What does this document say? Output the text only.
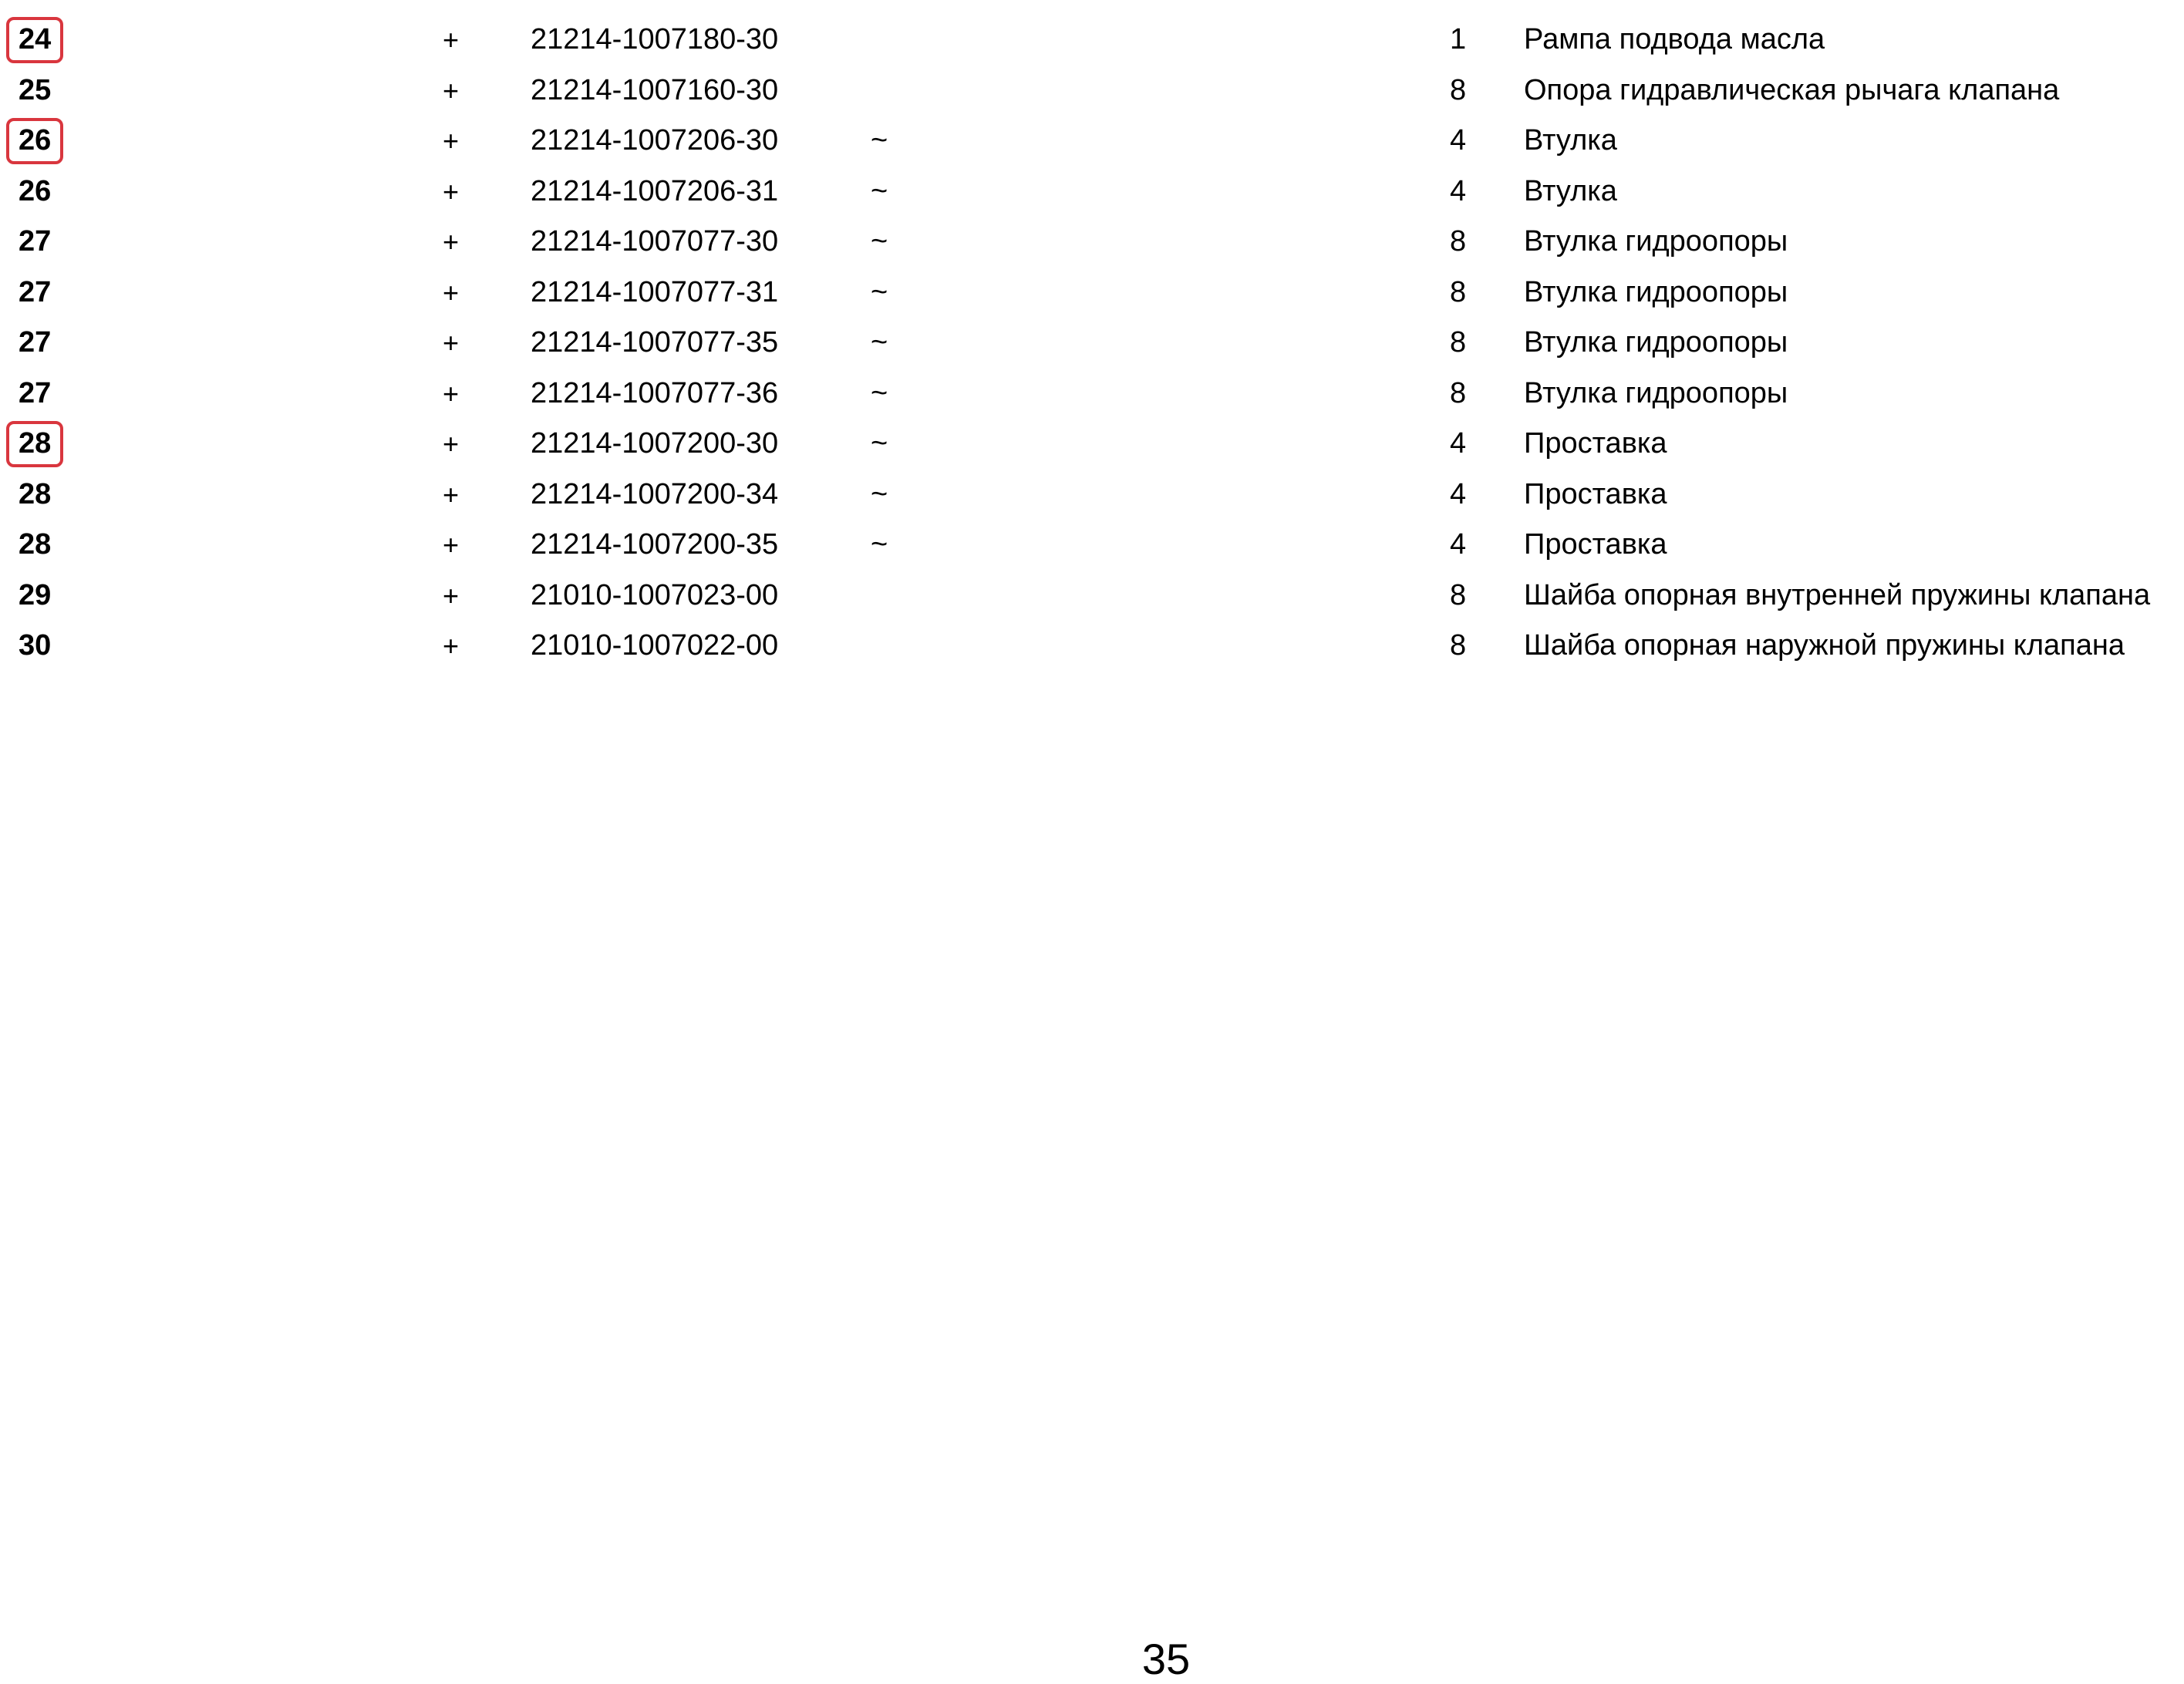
24	+ 21214-1007180-30	1 Рампа подвода масла
25	+ 21214-1007160-30	8 Опора гидравлическая рычага клапана
26	+ 21214-1007206-30	~	4 Втулка
26	+ 21214-1007206-31	~	4 Втулка
27	+ 21214-1007077-30	~	8 Втулка гидроопоры
27	+ 21214-1007077-31	~	8 Втулка гидроопоры
27	+ 21214-1007077-35	~	8 Втулка гидроопоры
27	+ 21214-1007077-36	~	8 Втулка гидроопоры
28	+ 21214-1007200-30	~	4 Проставка
28	+ 21214-1007200-34	~	4 Проставка
28	+ 21214-1007200-35	~	4 Проставка
29	+ 21010-1007023-00	8 Шайба опорная внутренней пружины клапана
30	+ 21010-1007022-00	8 Шайба опорная наружной пружины клапана
35
